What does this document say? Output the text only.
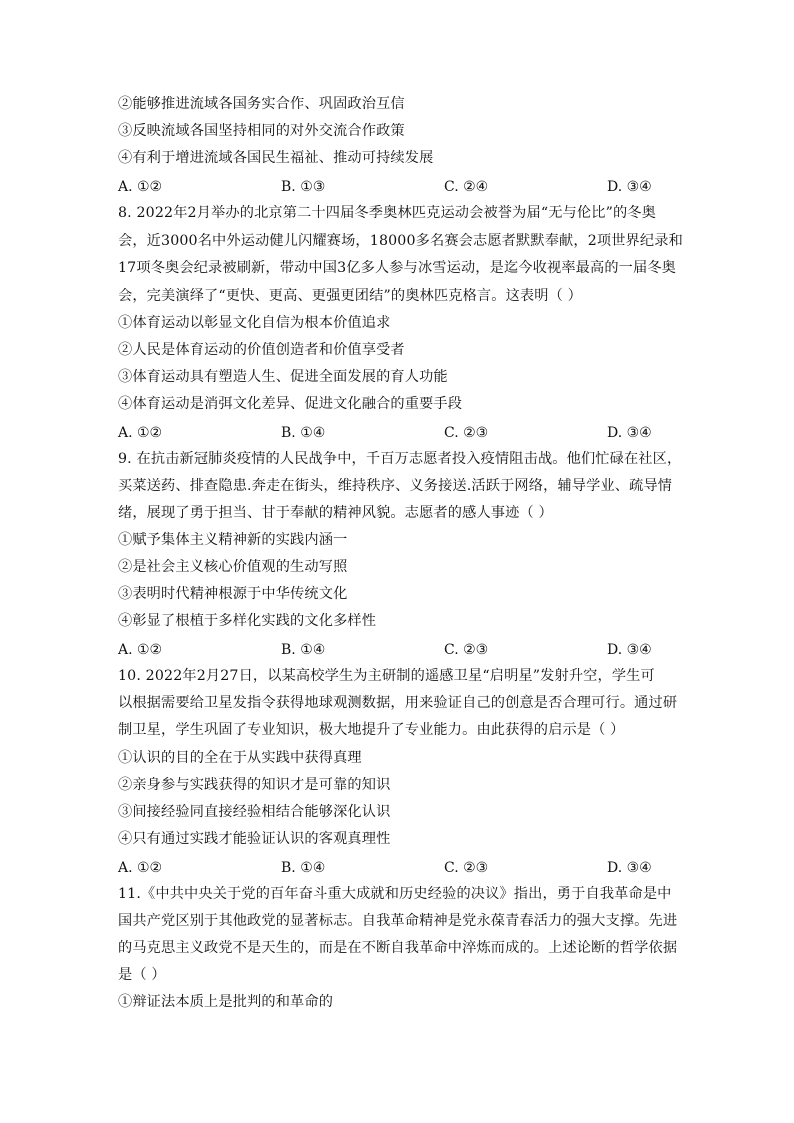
②能够推进流域各国务实合作、巩固政治互信
③反映流域各国坚持相同的对外交流合作政策
④有利于增进流域各国民生福祉、推动可持续发展
A. ①②	B. ①③	C. ②④	D. ③④
8. 2022年2月举办的北京第二十四届冬季奥林匹克运动会被誉为届“无与伦比”的冬奥
会，近3000名中外运动健儿闪耀赛场，18000多名赛会志愿者默默奉献，2项世界纪录和
17项冬奥会纪录被刷新，带动中国3亿多人参与冰雪运动，是迄今收视率最高的一届冬奥
会，完美演绎了“更快、更高、更强更团结”的奥林匹克格言。这表明（ ）
①体育运动以彰显文化自信为根本价值追求
②人民是体育运动的价值创造者和价值享受者
③体育运动具有塑造人生、促进全面发展的育人功能
④体育运动是消弭文化差异、促进文化融合的重要手段
A. ①②	B. ①④	C. ②③	D. ③④
9. 在抗击新冠肺炎疫情的人民战争中，千百万志愿者投入疫情阻击战。他们忙碌在社区，
买菜送药、排查隐患.奔走在街头，维持秩序、义务接送.活跃于网络，辅导学业、疏导情
绪，展现了勇于担当、甘于奉献的精神风貌。志愿者的感人事迹（ ）
①赋予集体主义精神新的实践内涵一
②是社会主义核心价值观的生动写照
③表明时代精神根源于中华传统文化
④彰显了根植于多样化实践的文化多样性
A. ①②	B. ①④	C. ②③	D. ③④
10. 2022年2月27日，以某高校学生为主研制的遥感卫星“启明星”发射升空，学生可
以根据需要给卫星发指令获得地球观测数据，用来验证自己的创意是否合理可行。通过研
制卫星，学生巩固了专业知识，极大地提升了专业能力。由此获得的启示是（ ）
①认识的目的全在于从实践中获得真理
②亲身参与实践获得的知识才是可靠的知识
③间接经验同直接经验相结合能够深化认识
④只有通过实践才能验证认识的客观真理性
A. ①②	B. ①④	C. ②③	D. ③④
11.《中共中央关于党的百年奋斗重大成就和历史经验的决议》指出，勇于自我革命是中
国共产党区别于其他政党的显著标志。自我革命精神是党永葆青春活力的强大支撑。先进
的马克思主义政党不是天生的，而是在不断自我革命中淬炼而成的。上述论断的哲学依据
是（ ）
①辩证法本质上是批判的和革命的
